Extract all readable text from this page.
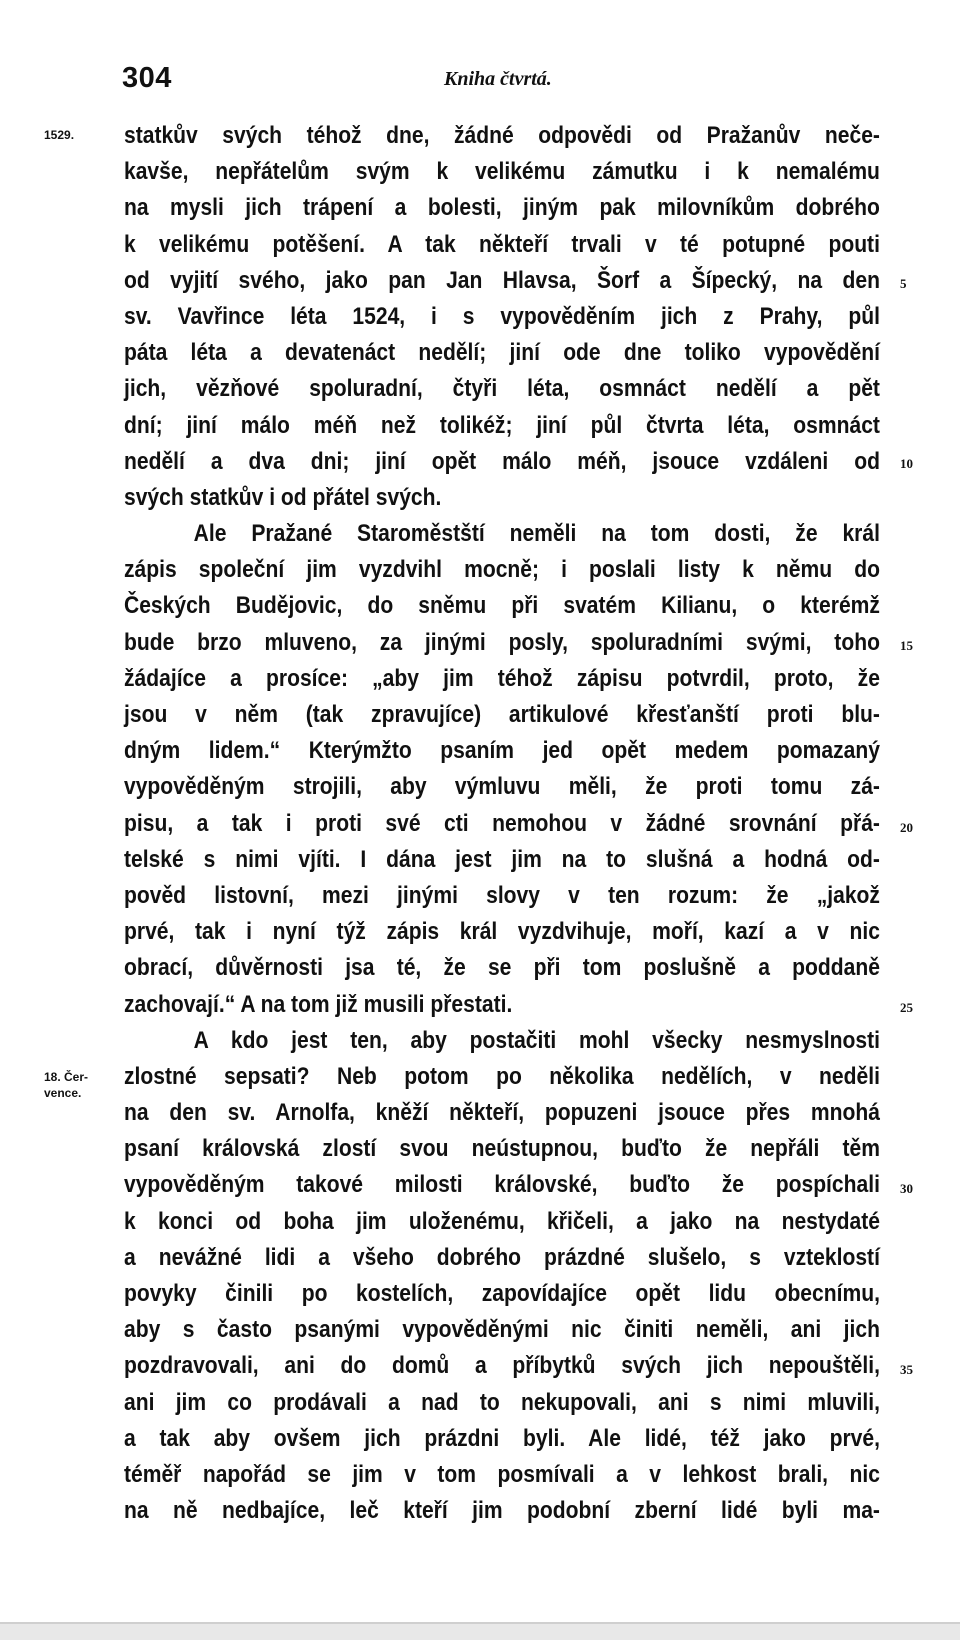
304	Kniha čtvrtá.
1529.
18. Čer-
vence.
5
10
15
20
25
30
35
statkův svých téhož dne, žádné odpovědi od Pražanův neče-
kavše, nepřátelům svým k velikému zámutku i k nemalému
na mysli jich trápení a bolesti, jiným pak milovníkům dobrého
k velikému potěšení. A tak někteří trvali v té potupné pouti
od vyjití svého, jako pan Jan Hlavsa, Šorf a Šípecký, na den
sv. Vavřince léta 1524, i s vypověděním jich z Prahy, půl
páta léta a devatenáct nedělí; jiní ode dne toliko vypovědění
jich, vězňové spoluradní, čtyři léta, osmnáct nedělí a pět
dní; jiní málo méň než tolikéž; jiní půl čtvrta léta, osmnáct
nedělí a dva dni; jiní opět málo méň, jsouce vzdáleni od
svých statkův i od přátel svých.
Ale Pražané Staroměstští neměli na tom dosti, že král
zápis společní jim vyzdvihl mocně; i poslali listy k němu do
Českých Budějovic, do sněmu při svatém Kilianu, o kterémž
bude brzo mluveno, za jinými posly, spoluradními svými, toho
žádajíce a prosíce: „aby jim téhož zápisu potvrdil, proto, že
jsou v něm (tak zpravujíce) artikulové křesťanští proti blu-
dným lidem.“ Kterýmžto psaním jed opět medem pomazaný
vypověděným strojili, aby výmluvu měli, že proti tomu zá-
pisu, a tak i proti své cti nemohou v žádné srovnání přá-
telské s nimi vjíti. I dána jest jim na to slušná a hodná od-
pověd listovní, mezi jinými slovy v ten rozum: že „jakož
prvé, tak i nyní týž zápis král vyzdvihuje, moří, kazí a v nic
obrací, důvěrnosti jsa té, že se při tom poslušně a poddaně
zachovají.“ A na tom již musili přestati.
A kdo jest ten, aby postačiti mohl všecky nesmyslnosti
zlostné sepsati? Neb potom po několika nedělích, v neděli
na den sv. Arnolfa, kněží někteří, popuzeni jsouce přes mnohá
psaní královská zlostí svou neústupnou, buďto že nepřáli těm
vypověděným takové milosti královské, buďto že pospíchali
k konci od boha jim uloženému, křičeli, a jako na nestydaté
a nevážné lidi a všeho dobrého prázdné slušelo, s vzteklostí
povyky činili po kostelích, zapovídajíce opět lidu obecnímu,
aby s často psanými vypověděnými nic činiti neměli, ani jich
pozdravovali, ani do domů a příbytků svých jich nepouštěli,
ani jim co prodávali a nad to nekupovali, ani s nimi mluvili,
a tak aby ovšem jich prázdni byli. Ale lidé, též jako prvé,
téměř napořád se jim v tom posmívali a v lehkost brali, nic
na ně nedbajíce, leč kteří jim podobní zberní lidé byli ma-
